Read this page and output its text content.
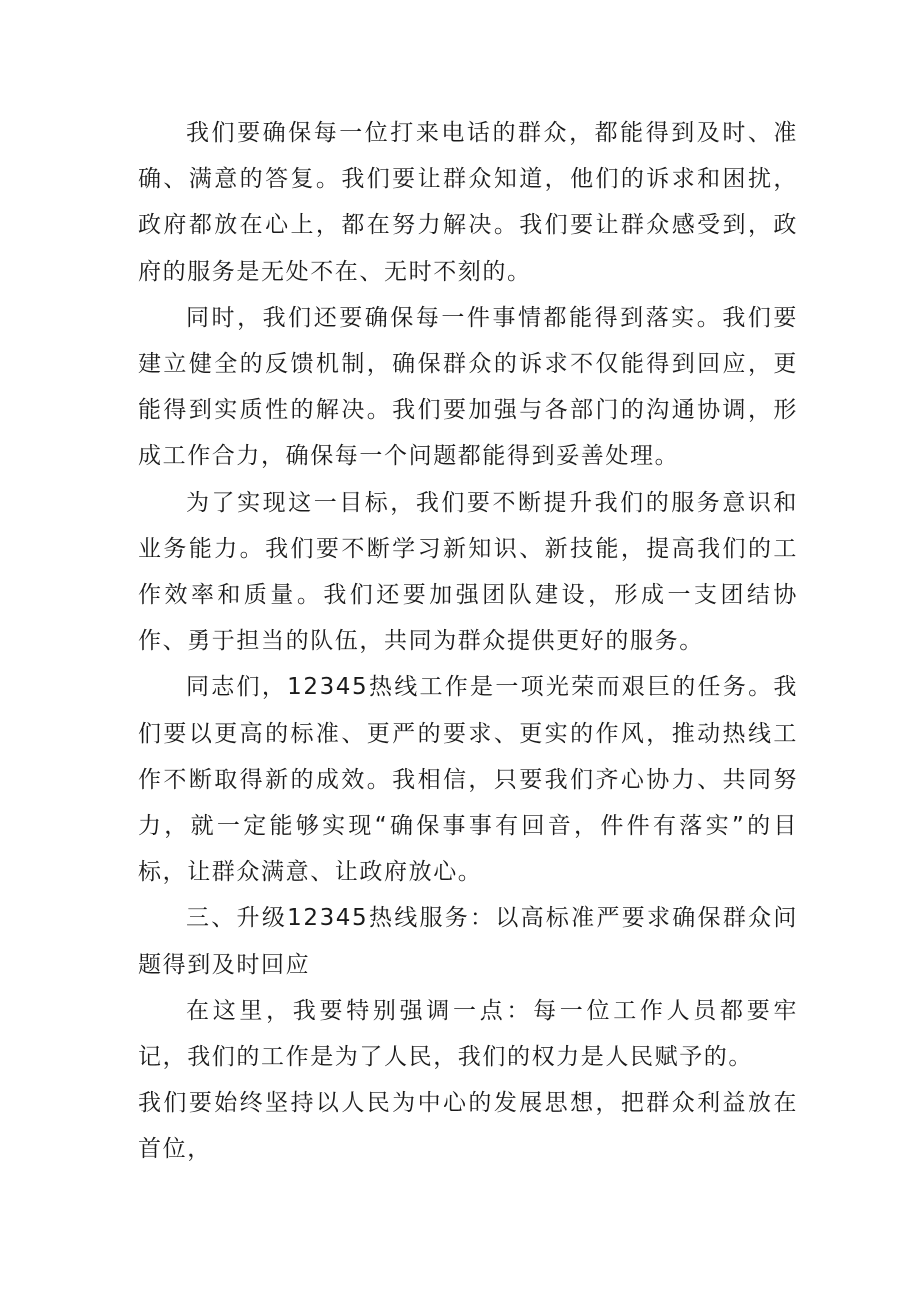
我们要确保每一位打来电话的群众，都能得到及时、准确、满意的答复。我们要让群众知道，他们的诉求和困扰，政府都放在心上，都在努力解决。我们要让群众感受到，政府的服务是无处不在、无时不刻的。

同时，我们还要确保每一件事情都能得到落实。我们要建立健全的反馈机制，确保群众的诉求不仅能得到回应，更能得到实质性的解决。我们要加强与各部门的沟通协调，形成工作合力，确保每一个问题都能得到妥善处理。

为了实现这一目标，我们要不断提升我们的服务意识和业务能力。我们要不断学习新知识、新技能，提高我们的工作效率和质量。我们还要加强团队建设，形成一支团结协作、勇于担当的队伍，共同为群众提供更好的服务。

同志们，12345热线工作是一项光荣而艰巨的任务。我们要以更高的标准、更严的要求、更实的作风，推动热线工作不断取得新的成效。我相信，只要我们齐心协力、共同努力，就一定能够实现“确保事事有回音，件件有落实”的目标，让群众满意、让政府放心。

三、升级12345热线服务：以高标准严要求确保群众问题得到及时回应

在这里，我要特别强调一点：每一位工作人员都要牢记，我们的工作是为了人民，我们的权力是人民赋予的。

我们要始终坚持以人民为中心的发展思想，把群众利益放在首位，
